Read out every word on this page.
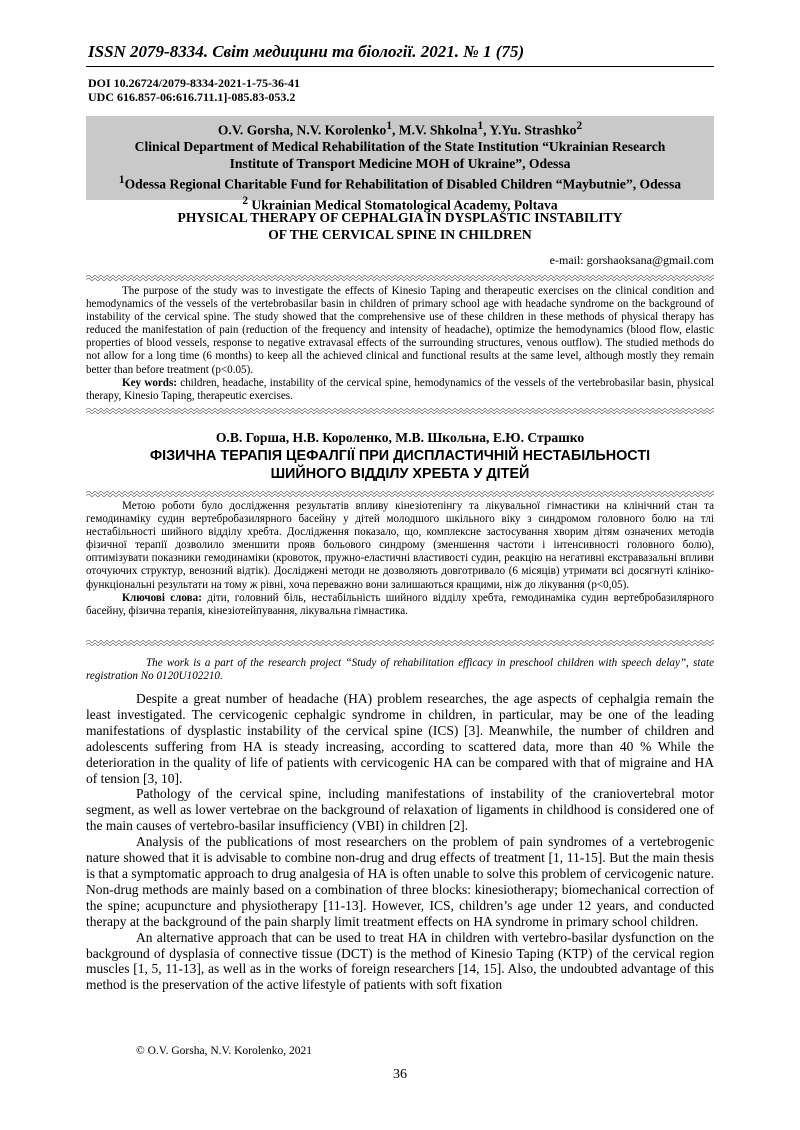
ISSN 2079-8334. Світ медицини та біології. 2021. № 1 (75)
DOI 10.26724/2079-8334-2021-1-75-36-41
UDC 616.857-06:616.711.1]-085.83-053.2
O.V. Gorsha, N.V. Korolenko$^1$, M.V. Shkolna$^1$, Y.Yu. Strashko$^2$
Clinical Department of Medical Rehabilitation of the State Institution “Ukrainian Research
Institute of Transport Medicine MOH of Ukraine”, Odessa
$^1$Odessa Regional Charitable Fund for Rehabilitation of Disabled Children “Maybutnie”, Odessa
$^2$ Ukrainian Medical Stomatological Academy, Poltava
PHYSICAL THERAPY OF CEPHALGIA IN DYSPLASTIC INSTABILITY
OF THE CERVICAL SPINE IN CHILDREN
e-mail: gorshaoksana@gmail.com

The purpose of the study was to investigate the effects of Kinesio Taping and therapeutic exercises on the clinical condition and hemodynamics of the vessels of the vertebrobasilar basin in children of primary school age with headache syndrome on the background of instability of the cervical spine. The study showed that the comprehensive use of these children in these methods of physical therapy has reduced the manifestation of pain (reduction of the frequency and intensity of headache), optimize the hemodynamics (blood flow, elastic properties of blood vessels, response to negative extravasal effects of the surrounding structures, venous outflow). The studied methods do not allow for a long time (6 months) to keep all the achieved clinical and functional results at the same level, although mostly they remain better than before treatment (p<0.05).

Key words: children, headache, instability of the cervical spine, hemodynamics of the vessels of the vertebrobasilar basin, physical therapy, Kinesio Taping, therapeutic exercises.

О.В. Горша, Н.В. Короленко, М.В. Школьна, Е.Ю. Страшко
ФІЗИЧНА ТЕРАПІЯ ЦЕФАЛГІЇ ПРИ ДИСПЛАСТИЧНІЙ НЕСТАБІЛЬНОСТІ
ШИЙНОГО ВІДДІЛУ ХРЕБТА У ДІТЕЙ

Метою роботи було дослідження результатів впливу кінезіотепінгу та лікувальної гімнастики на клінічний стан та гемодинаміку судин вертебробазилярного басейну у дітей молодшого шкільного віку з синдромом головного болю на тлі нестабільності шийного відділу хребта. Дослідження показало, що, комплексне застосування хворим дітям означених методів фізичної терапії дозволило зменшити прояв больового синдрому (зменшення частоти і інтенсивності головного болю), оптимізувати показники гемодинаміки (кровоток, пружно-еластичні властивості судин, реакцію на негативні екстравазальні впливи оточуючих структур, венозний відтік). Досліджені методи не дозволяють довготривало (6 місяців) утримати всі досягнуті клініко-функціональні результати на тому ж рівні, хоча переважно вони залишаються кращими, ніж до лікування (р<0,05).

Ключові слова: діти, головний біль, нестабільність шийного відділу хребта, гемодинаміка судин вертебробазилярного басейну, фізична терапія, кінезіотейпування, лікувальна гімнастика.

The work is a part of the research project “Study of rehabilitation efficacy in preschool children with speech delay”, state registration No 0120U102210.

Despite a great number of headache (HA) problem researches, the age aspects of cephalgia remain the least investigated. The cervicogenic cephalgic syndrome in children, in particular, may be one of the leading manifestations of dysplastic instability of the cervical spine (ICS) [3]. Meanwhile, the number of children and adolescents suffering from HA is steady increasing, according to scattered data, more than 40 % While the deterioration in the quality of life of patients with cervicogenic HA can be compared with that of migraine and HA of tension [3, 10].

Pathology of the cervical spine, including manifestations of instability of the craniovertebral motor segment, as well as lower vertebrae on the background of relaxation of ligaments in childhood is considered one of the main causes of vertebro-basilar insufficiency (VBI) in children [2].

Analysis of the publications of most researchers on the problem of pain syndromes of a vertebrogenic nature showed that it is advisable to combine non-drug and drug effects of treatment [1, 11-15]. But the main thesis is that a symptomatic approach to drug analgesia of HA is often unable to solve this problem of cervicogenic nature. Non-drug methods are mainly based on a combination of three blocks: kinesiotherapy; biomechanical correction of the spine; acupuncture and physiotherapy [11-13]. However, ICS, children’s age under 12 years, and conducted therapy at the background of the pain sharply limit treatment effects on HA syndrome in primary school children.

An alternative approach that can be used to treat HA in children with vertebro-basilar dysfunction on the background of dysplasia of connective tissue (DCT) is the method of Kinesio Taping (KTP) of the cervical region muscles [1, 5, 11-13], as well as in the works of foreign researchers [14, 15]. Also, the undoubted advantage of this method is the preservation of the active lifestyle of patients with soft fixation

© O.V. Gorsha, N.V. Korolenko, 2021
36
